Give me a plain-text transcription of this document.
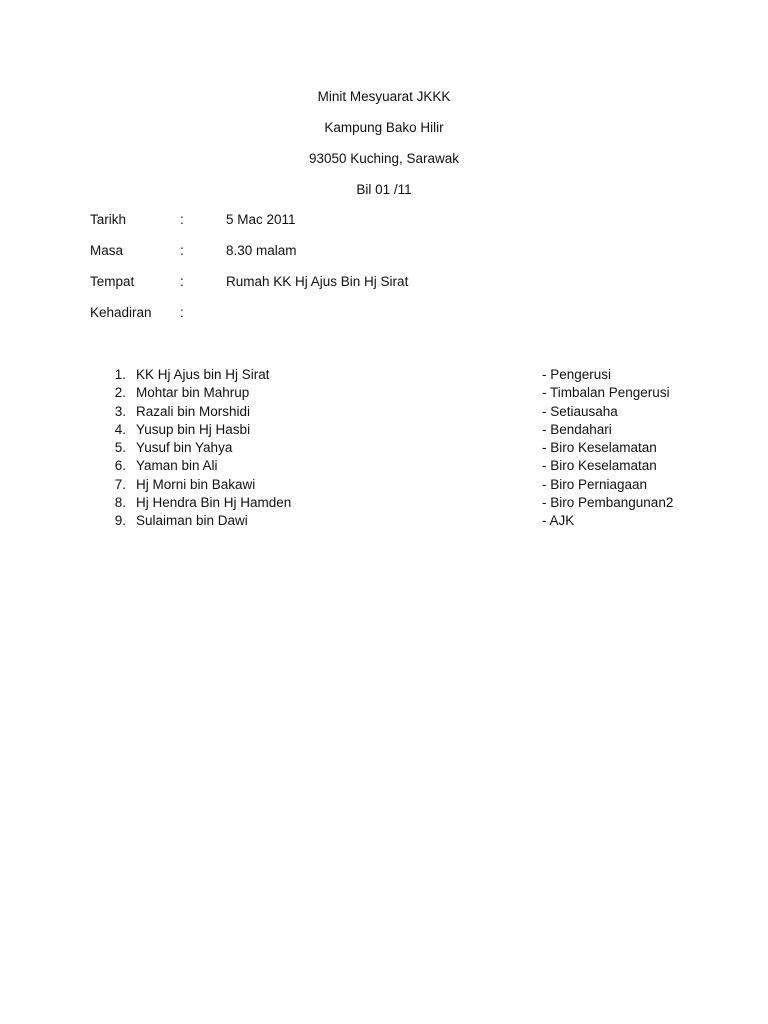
Minit Mesyuarat JKKK
Kampung Bako Hilir
93050 Kuching, Sarawak
Bil 01 /11
Tarikh	:	5 Mac 2011
Masa	:	8.30 malam
Tempat	:	Rumah KK Hj Ajus Bin Hj Sirat
Kehadiran :
1. KK Hj Ajus bin Hj Sirat	- Pengerusi
2. Mohtar bin Mahrup	- Timbalan Pengerusi
3. Razali bin Morshidi	- Setiausaha
4. Yusup bin Hj Hasbi	- Bendahari
5. Yusuf bin Yahya	- Biro Keselamatan
6. Yaman bin Ali	- Biro Keselamatan
7. Hj Morni bin Bakawi	- Biro Perniagaan
8. Hj Hendra Bin Hj Hamden	- Biro Pembangunan2
9. Sulaiman bin Dawi	- AJK
